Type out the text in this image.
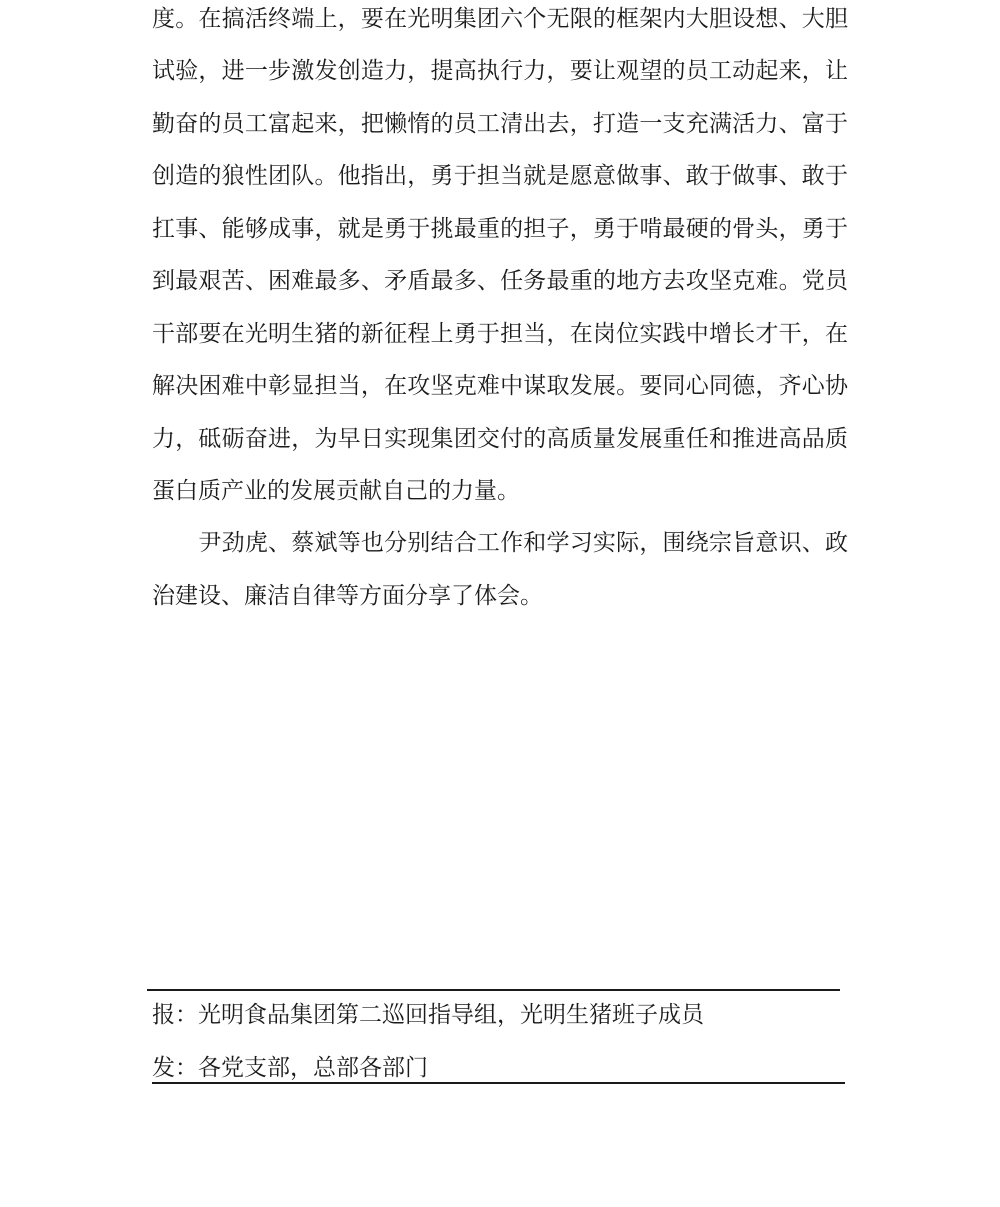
度。在搞活终端上，要在光明集团六个无限的框架内大胆设想、大胆
试验，进一步激发创造力，提高执行力，要让观望的员工动起来，让
勤奋的员工富起来，把懒惰的员工清出去，打造一支充满活力、富于
创造的狼性团队。他指出，勇于担当就是愿意做事、敢于做事、敢于
扛事、能够成事，就是勇于挑最重的担子，勇于啃最硬的骨头，勇于
到最艰苦、困难最多、矛盾最多、任务最重的地方去攻坚克难。党员
干部要在光明生猪的新征程上勇于担当，在岗位实践中增长才干，在
解决困难中彰显担当，在攻坚克难中谋取发展。要同心同德，齐心协
力，砥砺奋进，为早日实现集团交付的高质量发展重任和推进高品质
蛋白质产业的发展贡献自己的力量。
　　尹劲虎、蔡斌等也分别结合工作和学习实际，围绕宗旨意识、政
治建设、廉洁自律等方面分享了体会。
报：光明食品集团第二巡回指导组，光明生猪班子成员
发：各党支部，总部各部门
